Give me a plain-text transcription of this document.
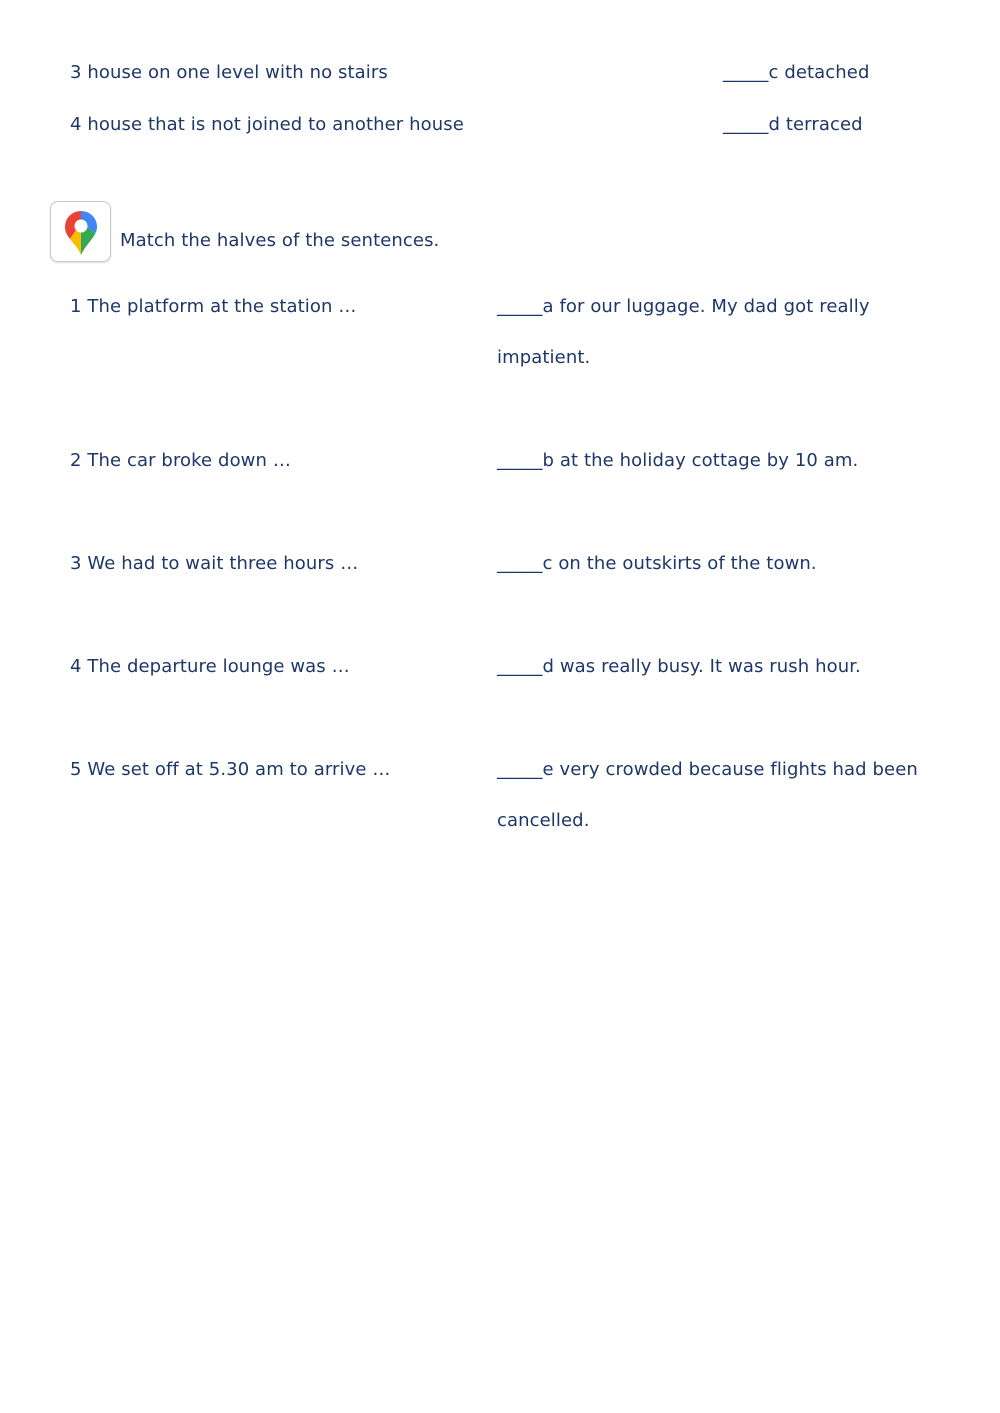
3 house on one level with no stairs	_____c detached
4 house that is not joined to another house	_____d terraced
Match the halves of the sentences.
1 The platform at the station …
2 The car broke down …
3 We had to wait three hours …
4 The departure lounge was …
5 We set off at 5.30 am to arrive …
_____a for our luggage. My dad got really
impatient.
_____b at the holiday cottage by 10 am.
_____c on the outskirts of the town.
_____d was really busy. It was rush hour.
_____e very crowded because flights had been
cancelled.
